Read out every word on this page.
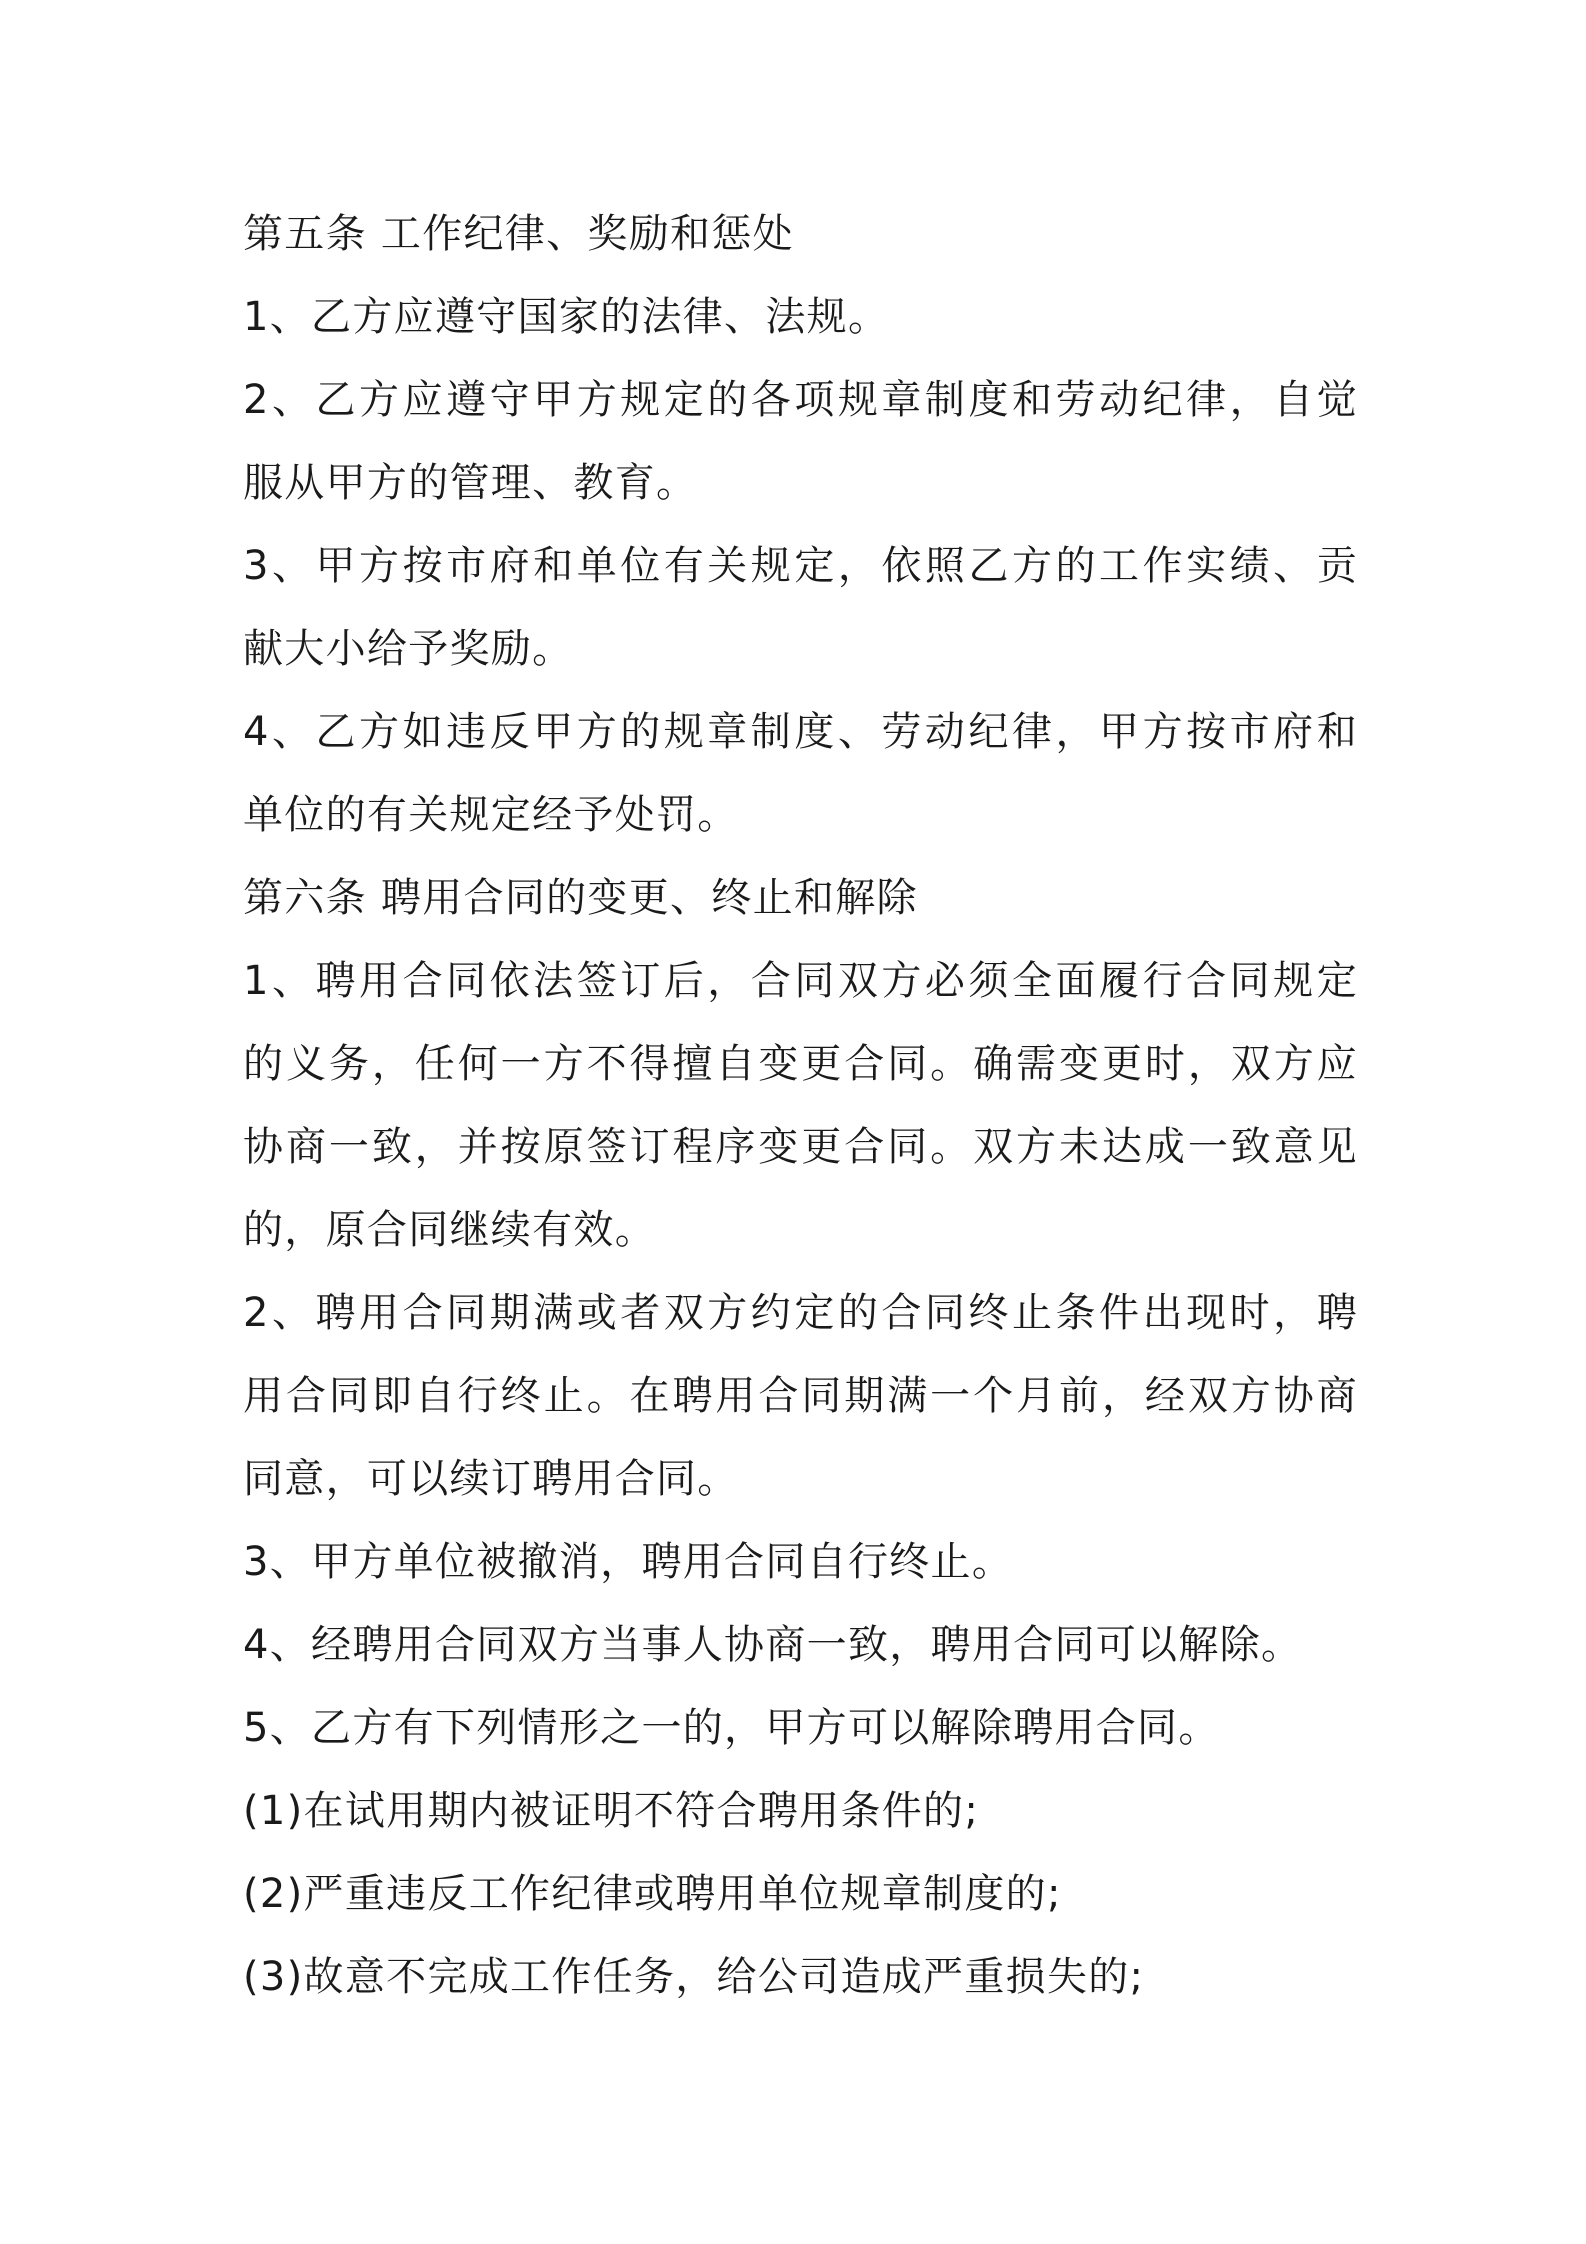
第五条 工作纪律、奖励和惩处
1、乙方应遵守国家的法律、法规。
2、乙方应遵守甲方规定的各项规章制度和劳动纪律，自觉
服从甲方的管理、教育。
3、甲方按市府和单位有关规定，依照乙方的工作实绩、贡
献大小给予奖励。
4、乙方如违反甲方的规章制度、劳动纪律，甲方按市府和
单位的有关规定经予处罚。
第六条 聘用合同的变更、终止和解除
1、聘用合同依法签订后，合同双方必须全面履行合同规定
的义务，任何一方不得擅自变更合同。确需变更时，双方应
协商一致，并按原签订程序变更合同。双方未达成一致意见
的，原合同继续有效。
2、聘用合同期满或者双方约定的合同终止条件出现时，聘
用合同即自行终止。在聘用合同期满一个月前，经双方协商
同意，可以续订聘用合同。
3、甲方单位被撤消，聘用合同自行终止。
4、经聘用合同双方当事人协商一致，聘用合同可以解除。
5、乙方有下列情形之一的，甲方可以解除聘用合同。
(1)在试用期内被证明不符合聘用条件的;
(2)严重违反工作纪律或聘用单位规章制度的;
(3)故意不完成工作任务，给公司造成严重损失的;
